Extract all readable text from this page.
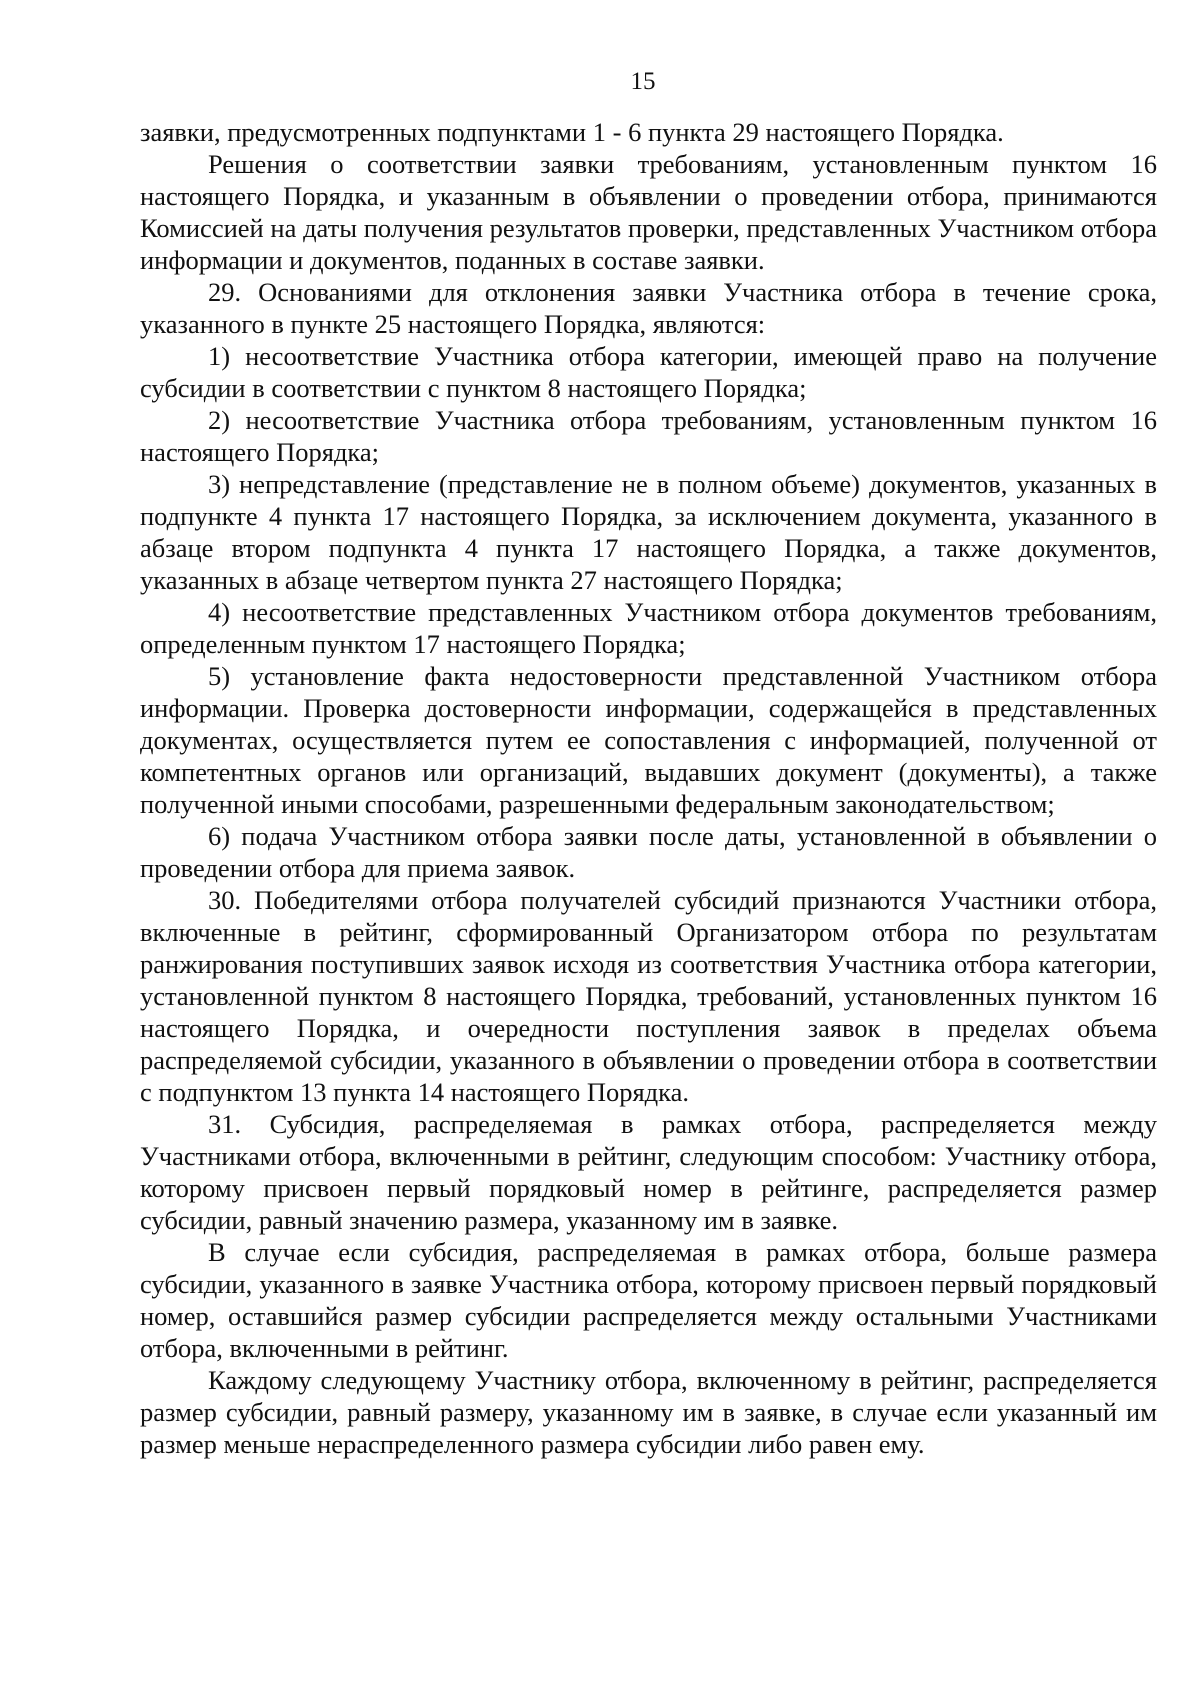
15

заявки, предусмотренных подпунктами 1 - 6 пункта 29 настоящего Порядка.

Решения о соответствии заявки требованиям, установленным пунктом 16 настоящего Порядка, и указанным в объявлении о проведении отбора, принимаются Комиссией на даты получения результатов проверки, представленных Участником отбора информации и документов, поданных в составе заявки.

29. Основаниями для отклонения заявки Участника отбора в течение срока, указанного в пункте 25 настоящего Порядка, являются:

1) несоответствие Участника отбора категории, имеющей право на получение субсидии в соответствии с пунктом 8 настоящего Порядка;

2) несоответствие Участника отбора требованиям, установленным пунктом 16 настоящего Порядка;

3) непредставление (представление не в полном объеме) документов, указанных в подпункте 4 пункта 17 настоящего Порядка, за исключением документа, указанного в абзаце втором подпункта 4 пункта 17 настоящего Порядка, а также документов, указанных в абзаце четвертом пункта 27 настоящего Порядка;

4) несоответствие представленных Участником отбора документов требованиям, определенным пунктом 17 настоящего Порядка;

5) установление факта недостоверности представленной Участником отбора информации. Проверка достоверности информации, содержащейся в представленных документах, осуществляется путем ее сопоставления с информацией, полученной от компетентных органов или организаций, выдавших документ (документы), а также полученной иными способами, разрешенными федеральным законодательством;

6) подача Участником отбора заявки после даты, установленной в объявлении о проведении отбора для приема заявок.

30. Победителями отбора получателей субсидий признаются Участники отбора, включенные в рейтинг, сформированный Организатором отбора по результатам ранжирования поступивших заявок исходя из соответствия Участника отбора категории, установленной пунктом 8 настоящего Порядка, требований, установленных пунктом 16 настоящего Порядка, и очередности поступления заявок в пределах объема распределяемой субсидии, указанного в объявлении о проведении отбора в соответствии с подпунктом 13 пункта 14 настоящего Порядка.

31. Субсидия, распределяемая в рамках отбора, распределяется между Участниками отбора, включенными в рейтинг, следующим способом: Участнику отбора, которому присвоен первый порядковый номер в рейтинге, распределяется размер субсидии, равный значению размера, указанному им в заявке.

В случае если субсидия, распределяемая в рамках отбора, больше размера субсидии, указанного в заявке Участника отбора, которому присвоен первый порядковый номер, оставшийся размер субсидии распределяется между остальными Участниками отбора, включенными в рейтинг.

Каждому следующему Участнику отбора, включенному в рейтинг, распределяется размер субсидии, равный размеру, указанному им в заявке, в случае если указанный им размер меньше нераспределенного размера субсидии либо равен ему.
